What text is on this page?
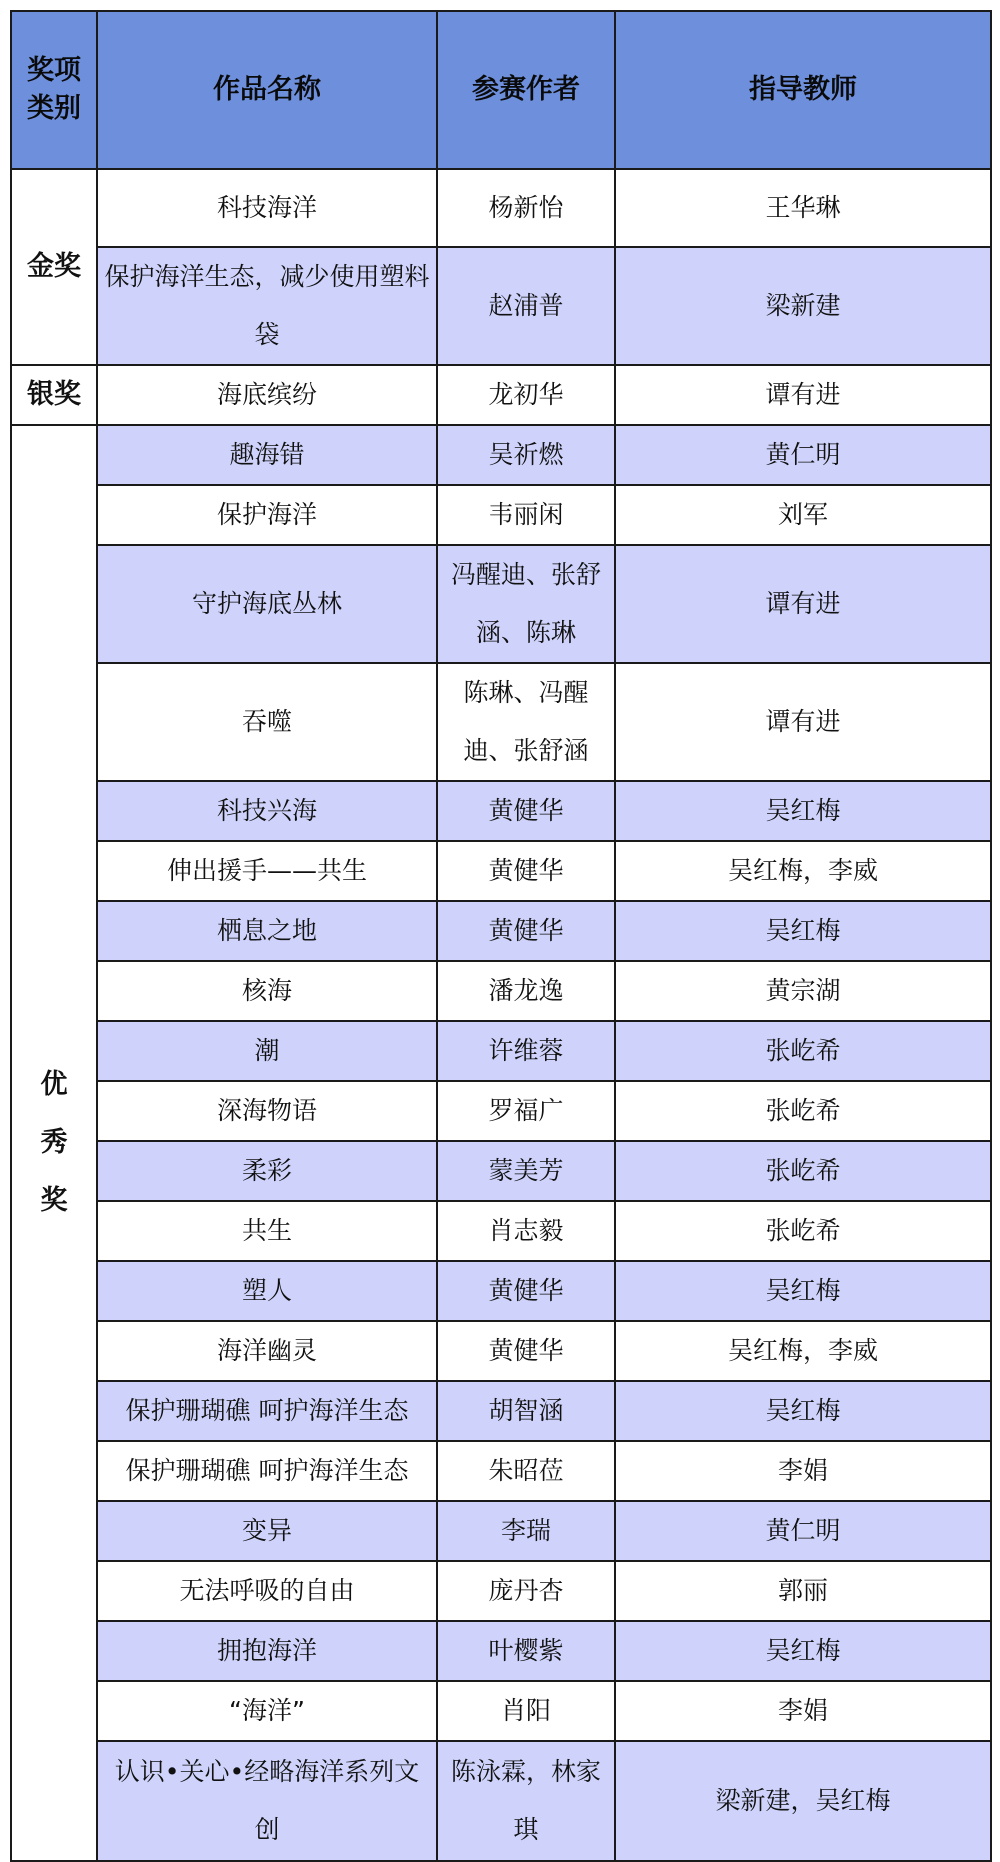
奖项类别	作品名称	参赛作者	指导教师
金奖	科技海洋	杨新怡	王华琳
	保护海洋生态，减少使用塑料袋	赵浦普	梁新建
银奖	海底缤纷	龙初华	谭有进

优秀奖	趣海错	吴祈燃	黄仁明
	保护海洋	韦丽闲	刘军
	守护海底丛林	冯醒迪、张舒涵、陈琳	谭有进
	吞噬	陈琳、冯醒迪、张舒涵	谭有进
	科技兴海	黄健华	吴红梅
	伸出援手——共生	黄健华	吴红梅，李威
	栖息之地	黄健华	吴红梅
	核海	潘龙逸	黄宗湖
	潮	许维蓉	张屹希
	深海物语	罗福广	张屹希
	柔彩	蒙美芳	张屹希
	共生	肖志毅	张屹希
	塑人	黄健华	吴红梅
	海洋幽灵	黄健华	吴红梅，李威
	保护珊瑚礁 呵护海洋生态	胡智涵	吴红梅
	保护珊瑚礁 呵护海洋生态	朱昭莅	李娟
	变异	李瑞	黄仁明
	无法呼吸的自由	庞丹杏	郭丽
	拥抱海洋	叶樱紫	吴红梅
	“海洋”	肖阳	李娟
	认识•关心•经略海洋系列文创	陈泳霖，林家琪	梁新建，吴红梅
